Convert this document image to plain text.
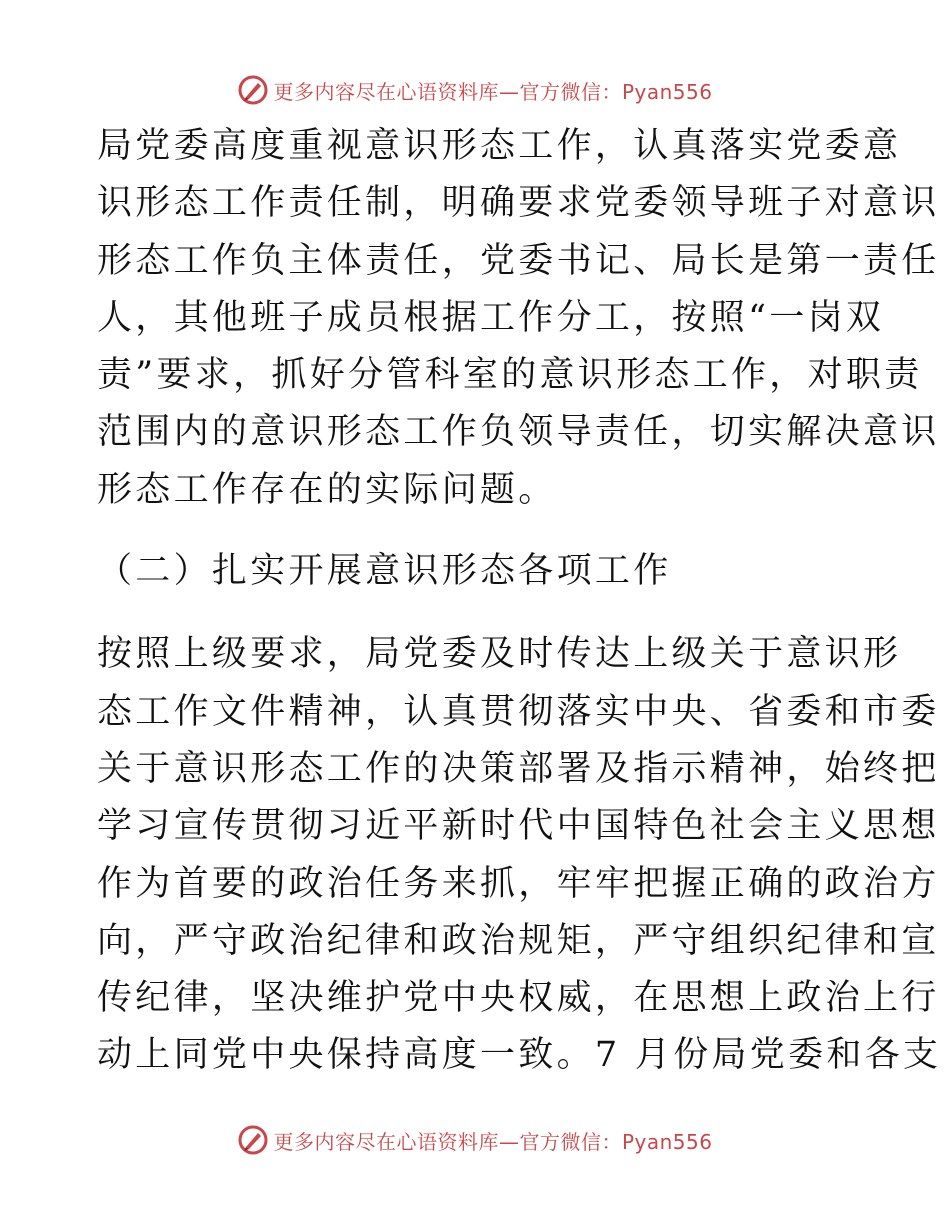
更多内容尽在心语资料库—官方微信：Pyan556

局党委高度重视意识形态工作，认真落实党委意
识形态工作责任制，明确要求党委领导班子对意识
形态工作负主体责任，党委书记、局长是第一责任
人，其他班子成员根据工作分工，按照“一岗双
责”要求，抓好分管科室的意识形态工作，对职责
范围内的意识形态工作负领导责任，切实解决意识
形态工作存在的实际问题。

（二）扎实开展意识形态各项工作

按照上级要求，局党委及时传达上级关于意识形
态工作文件精神，认真贯彻落实中央、省委和市委
关于意识形态工作的决策部署及指示精神，始终把
学习宣传贯彻习近平新时代中国特色社会主义思想
作为首要的政治任务来抓，牢牢把握正确的政治方
向，严守政治纪律和政治规矩，严守组织纪律和宣
传纪律，坚决维护党中央权威，在思想上政治上行
动上同党中央保持高度一致。7 月份局党委和各支

更多内容尽在心语资料库—官方微信：Pyan556
